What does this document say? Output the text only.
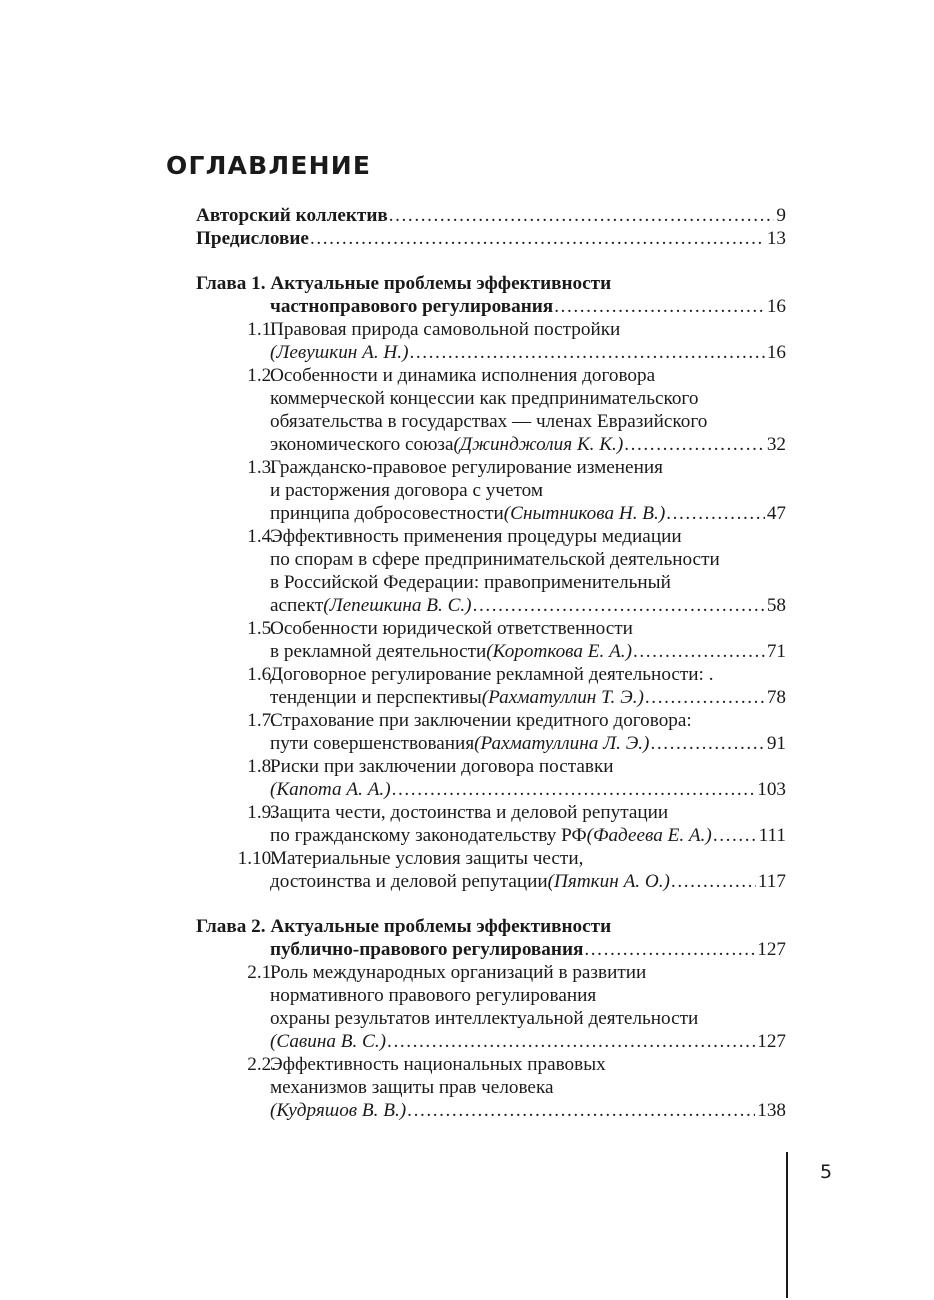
ОГЛАВЛЕНИЕ
Авторский коллектив . . .	9
Предисловие . . .	13
Глава 1. Актуальные проблемы эффективности
частноправового регулирования . . .	16
1.1.
Правовая природа самовольной постройки
(Левушкин А. Н.) . . .	16
1.2.
Особенности и динамика исполнения договора
коммерческой концессии как предпринимательского
обязательства в государствах — членах Евразийского
экономического союза (Джинджолия К. К.) . . .	32
1.3.
Гражданско-правовое регулирование изменения
и расторжения договора с учетом
принципа добросовестности (Снытникова Н. В.) . . .	47
1.4.
Эффективность применения процедуры медиации
по спорам в сфере предпринимательской деятельности
в Российской Федерации: правоприменительный
аспект (Лепешкина В. С.) . . .	58
1.5.
Особенности юридической ответственности
в рекламной деятельности (Короткова Е. А.) . . .	71
1.6.
Договорное регулирование рекламной деятельности: .
тенденции и перспективы (Рахматуллин Т. Э.) . . .	78
1.7.
Страхование при заключении кредитного договора:
пути совершенствования (Рахматуллина Л. Э.) . . .	91
1.8.
Риски при заключении договора поставки
(Капота А. А.) . . .	103
1.9.
Защита чести, достоинства и деловой репутации
по гражданскому законодательству РФ (Фадеева Е. А.) . . . 111
1.10.
Материальные условия защиты чести,
достоинства и деловой репутации (Пяткин А. О.) . . .	117
Глава 2. Актуальные проблемы эффективности
публично-правового регулирования . . .	127
2.1.
Роль международных организаций в развитии
нормативного правового регулирования
охраны результатов интеллектуальной деятельности
(Савина В. С.) . . .	127
2.2.
Эффективность национальных правовых
механизмов защиты прав человека
(Кудряшов В. В.) . . .	138
5
